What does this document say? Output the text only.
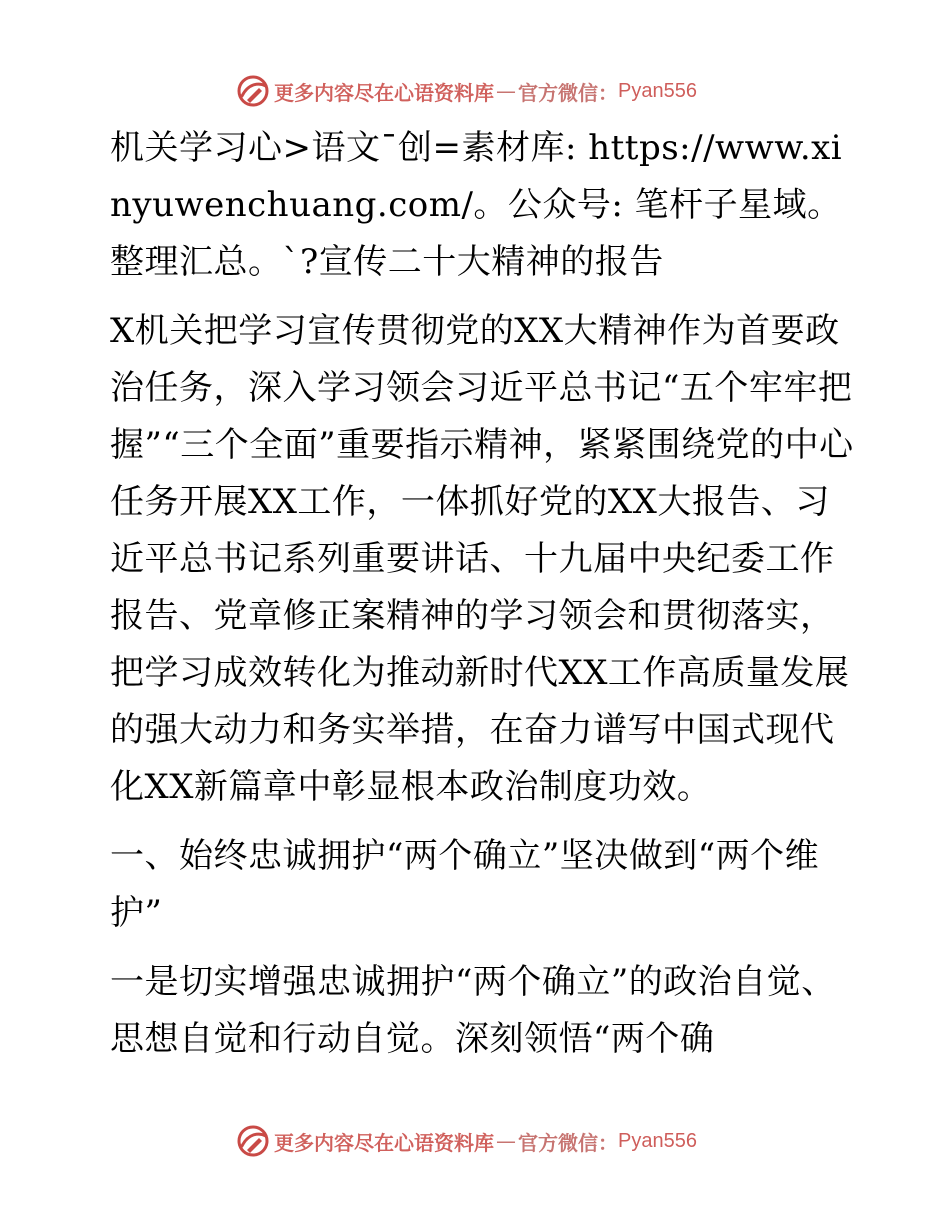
更多内容尽在心语资料库 — 官方微信： Pyan556

机关学习心>语文¯创=素材库: https://www.xinyuwenchuang.com/。公众号: 笔杆子星域。整理汇总。`?宣传二十大精神的报告

X机关把学习宣传贯彻党的XX大精神作为首要政治任务，深入学习领会习近平总书记“五个牢牢把握”“三个全面”重要指示精神，紧紧围绕党的中心任务开展XX工作，一体抓好党的XX大报告、习近平总书记系列重要讲话、十九届中央纪委工作报告、党章修正案精神的学习领会和贯彻落实，把学习成效转化为推动新时代XX工作高质量发展的强大动力和务实举措，在奋力谱写中国式现代化XX新篇章中彰显根本政治制度功效。

一、始终忠诚拥护“两个确立”坚决做到“两个维护”

一是切实增强忠诚拥护“两个确立”的政治自觉、思想自觉和行动自觉。深刻领悟“两个确

更多内容尽在心语资料库 — 官方微信： Pyan556
